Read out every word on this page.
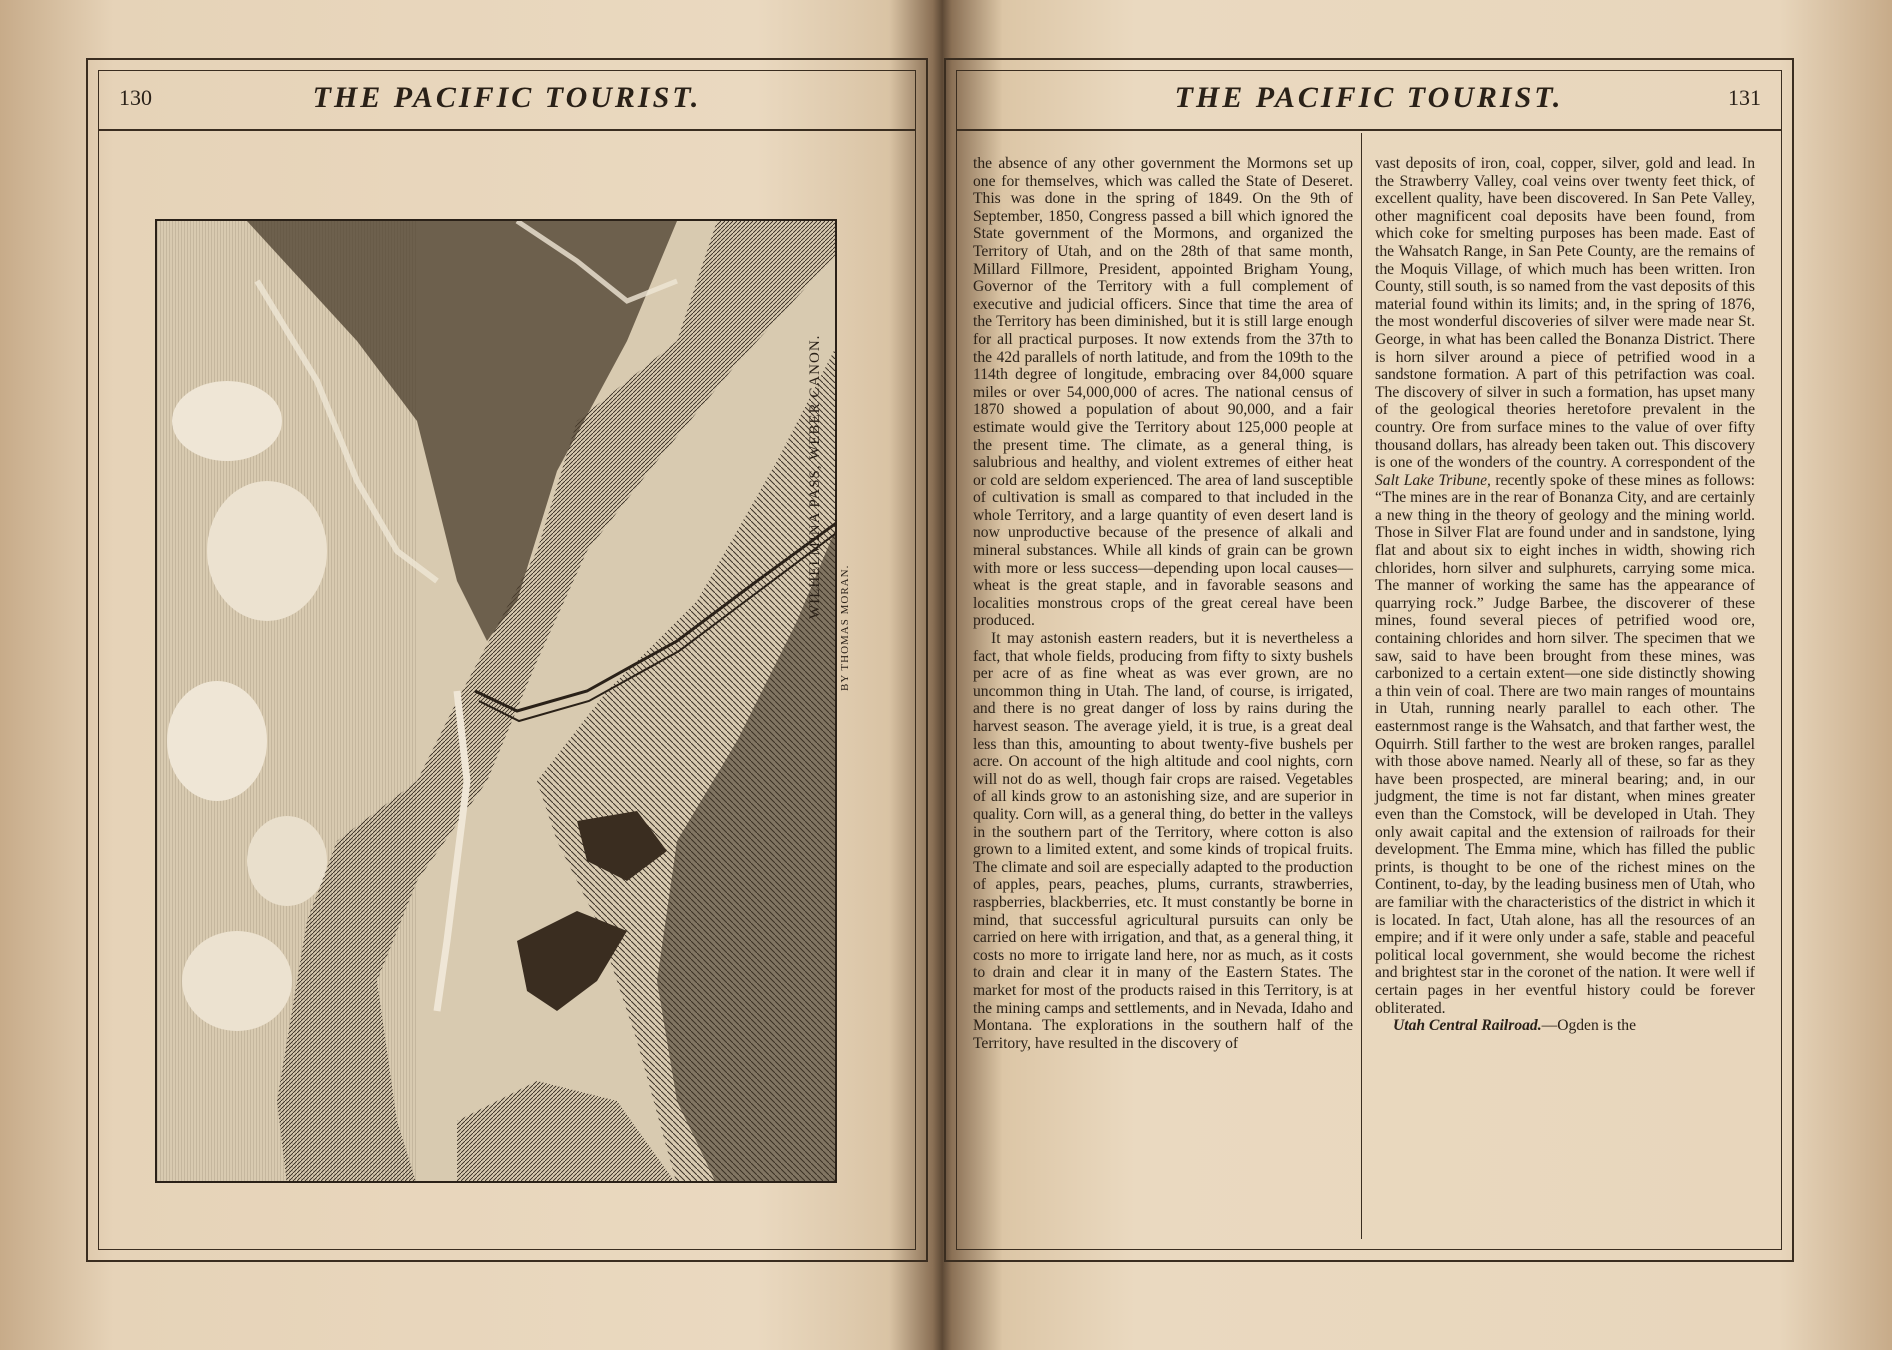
130	THE PACIFIC TOURIST.
WILHELMINA PASS, WEBER CANON.
BY THOMAS MORAN.
THE PACIFIC TOURIST.	131

the absence of any other government the Mormons set up one for themselves, which was called the State of Deseret. This was done in the spring of 1849. On the 9th of September, 1850, Congress passed a bill which ignored the State government of the Mormons, and organized the Territory of Utah, and on the 28th of that same month, Millard Fillmore, President, appointed Brigham Young, Governor of the Territory with a full complement of executive and judicial officers. Since that time the area of the Territory has been diminished, but it is still large enough for all practical purposes. It now extends from the 37th to the 42d parallels of north latitude, and from the 109th to the 114th degree of longitude, embracing over 84,000 square miles or over 54,000,000 of acres. The national census of 1870 showed a population of about 90,000, and a fair estimate would give the Territory about 125,000 people at the present time. The climate, as a general thing, is salubrious and healthy, and violent extremes of either heat or cold are seldom experienced. The area of land susceptible of cultivation is small as compared to that included in the whole Territory, and a large quantity of even desert land is now unproductive because of the presence of alkali and mineral substances. While all kinds of grain can be grown with more or less success—depending upon local causes—wheat is the great staple, and in favorable seasons and localities monstrous crops of the great cereal have been produced.

It may astonish eastern readers, but it is nevertheless a fact, that whole fields, producing from fifty to sixty bushels per acre of as fine wheat as was ever grown, are no uncommon thing in Utah. The land, of course, is irrigated, and there is no great danger of loss by rains during the harvest season. The average yield, it is true, is a great deal less than this, amounting to about twenty-five bushels per acre. On account of the high altitude and cool nights, corn will not do as well, though fair crops are raised. Vegetables of all kinds grow to an astonishing size, and are superior in quality. Corn will, as a general thing, do better in the valleys in the southern part of the Territory, where cotton is also grown to a limited extent, and some kinds of tropical fruits. The climate and soil are especially adapted to the production of apples, pears, peaches, plums, currants, strawberries, raspberries, blackberries, etc. It must constantly be borne in mind, that successful agricultural pursuits can only be carried on here with irrigation, and that, as a general thing, it costs no more to irrigate land here, nor as much, as it costs to drain and clear it in many of the Eastern States. The market for most of the products raised in this Territory, is at the mining camps and settlements, and in Nevada, Idaho and Montana. The explorations in the southern half of the Territory, have resulted in the discovery of

vast deposits of iron, coal, copper, silver, gold and lead. In the Strawberry Valley, coal veins over twenty feet thick, of excellent quality, have been discovered. In San Pete Valley, other magnificent coal deposits have been found, from which coke for smelting purposes has been made. East of the Wahsatch Range, in San Pete County, are the remains of the Moquis Village, of which much has been written. Iron County, still south, is so named from the vast deposits of this material found within its limits; and, in the spring of 1876, the most wonderful discoveries of silver were made near St. George, in what has been called the Bonanza District. There is horn silver around a piece of petrified wood in a sandstone formation. A part of this petrifaction was coal. The discovery of silver in such a formation, has upset many of the geological theories heretofore prevalent in the country. Ore from surface mines to the value of over fifty thousand dollars, has already been taken out. This discovery is one of the wonders of the country. A correspondent of the Salt Lake Tribune, recently spoke of these mines as follows: “The mines are in the rear of Bonanza City, and are certainly a new thing in the theory of geology and the mining world. Those in Silver Flat are found under and in sandstone, lying flat and about six to eight inches in width, showing rich chlorides, horn silver and sulphurets, carrying some mica. The manner of working the same has the appearance of quarrying rock.” Judge Barbee, the discoverer of these mines, found several pieces of petrified wood ore, containing chlorides and horn silver. The specimen that we saw, said to have been brought from these mines, was carbonized to a certain extent—one side distinctly showing a thin vein of coal. There are two main ranges of mountains in Utah, running nearly parallel to each other. The easternmost range is the Wahsatch, and that farther west, the Oquirrh. Still farther to the west are broken ranges, parallel with those above named. Nearly all of these, so far as they have been prospected, are mineral bearing; and, in our judgment, the time is not far distant, when mines greater even than the Comstock, will be developed in Utah. They only await capital and the extension of railroads for their development. The Emma mine, which has filled the public prints, is thought to be one of the richest mines on the Continent, to-day, by the leading business men of Utah, who are familiar with the characteristics of the district in which it is located. In fact, Utah alone, has all the resources of an empire; and if it were only under a safe, stable and peaceful political local government, she would become the richest and brightest star in the coronet of the nation. It were well if certain pages in her eventful history could be forever obliterated.

Utah Central Railroad.—Ogden is the
